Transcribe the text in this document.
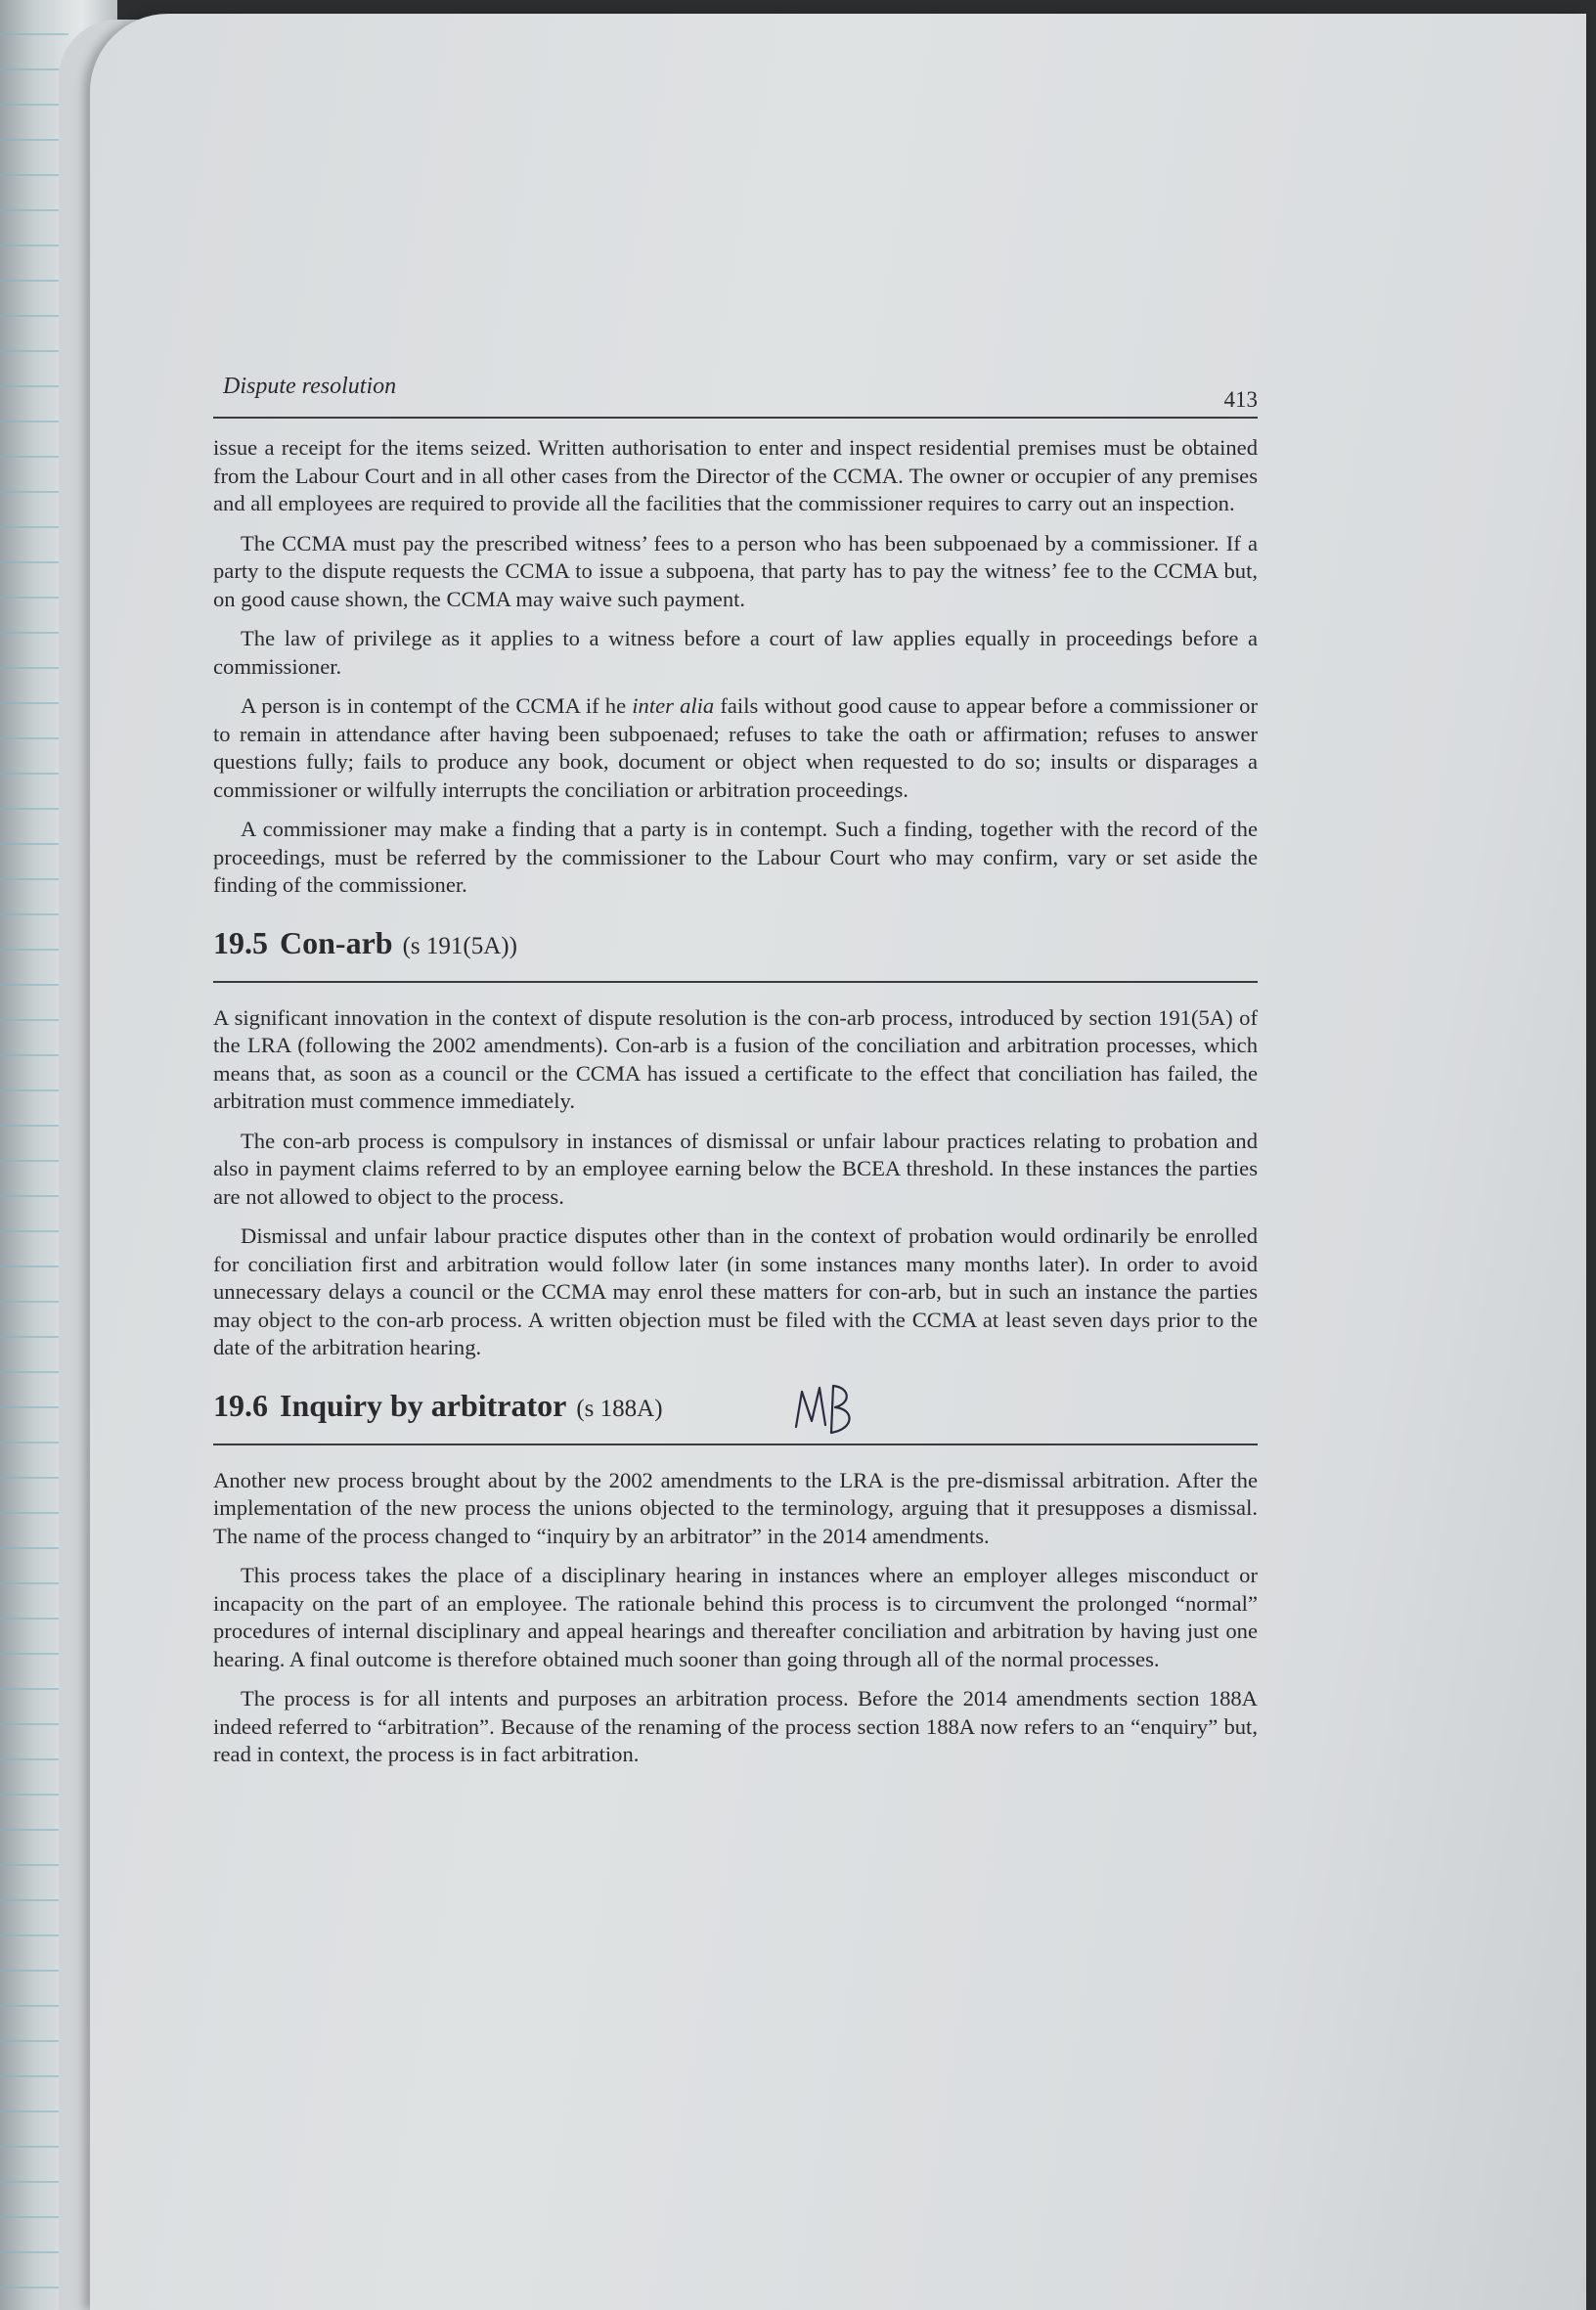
Dispute resolution
413

issue a receipt for the items seized. Written authorisation to enter and inspect residential premises must be obtained from the Labour Court and in all other cases from the Director of the CCMA. The owner or occupier of any premises and all employees are required to provide all the facilities that the commissioner requires to carry out an inspection.

The CCMA must pay the prescribed witness’ fees to a person who has been subpoenaed by a commissioner. If a party to the dispute requests the CCMA to issue a subpoena, that party has to pay the witness’ fee to the CCMA but, on good cause shown, the CCMA may waive such payment.

The law of privilege as it applies to a witness before a court of law applies equally in proceedings before a commissioner.

A person is in contempt of the CCMA if he inter alia fails without good cause to appear before a commissioner or to remain in attendance after having been subpoenaed; refuses to take the oath or affirmation; refuses to answer questions fully; fails to produce any book, document or object when requested to do so; insults or disparages a commissioner or wilfully interrupts the conciliation or arbitration proceedings.

A commissioner may make a finding that a party is in contempt. Such a finding, together with the record of the proceedings, must be referred by the commissioner to the Labour Court who may confirm, vary or set aside the finding of the commissioner.

19.5 Con-arb (s 191(5A))

A significant innovation in the context of dispute resolution is the con-arb process, introduced by section 191(5A) of the LRA (following the 2002 amendments). Con-arb is a fusion of the conciliation and arbitration processes, which means that, as soon as a council or the CCMA has issued a certificate to the effect that conciliation has failed, the arbitration must commence immediately.

The con-arb process is compulsory in instances of dismissal or unfair labour practices relating to probation and also in payment claims referred to by an employee earning below the BCEA threshold. In these instances the parties are not allowed to object to the process.

Dismissal and unfair labour practice disputes other than in the context of probation would ordinarily be enrolled for conciliation first and arbitration would follow later (in some instances many months later). In order to avoid unnecessary delays a council or the CCMA may enrol these matters for con-arb, but in such an instance the parties may object to the con-arb process. A written objection must be filed with the CCMA at least seven days prior to the date of the arbitration hearing.

19.6 Inquiry by arbitrator (s 188A)

Another new process brought about by the 2002 amendments to the LRA is the pre-dismissal arbitration. After the implementation of the new process the unions objected to the terminology, arguing that it presupposes a dismissal. The name of the process changed to “inquiry by an arbitrator” in the 2014 amendments.

This process takes the place of a disciplinary hearing in instances where an employer alleges misconduct or incapacity on the part of an employee. The rationale behind this process is to circumvent the prolonged “normal” procedures of internal disciplinary and appeal hearings and thereafter conciliation and arbitration by having just one hearing. A final outcome is therefore obtained much sooner than going through all of the normal processes.

The process is for all intents and purposes an arbitration process. Before the 2014 amendments section 188A indeed referred to “arbitration”. Because of the renaming of the process section 188A now refers to an “enquiry” but, read in context, the process is in fact arbitration.
